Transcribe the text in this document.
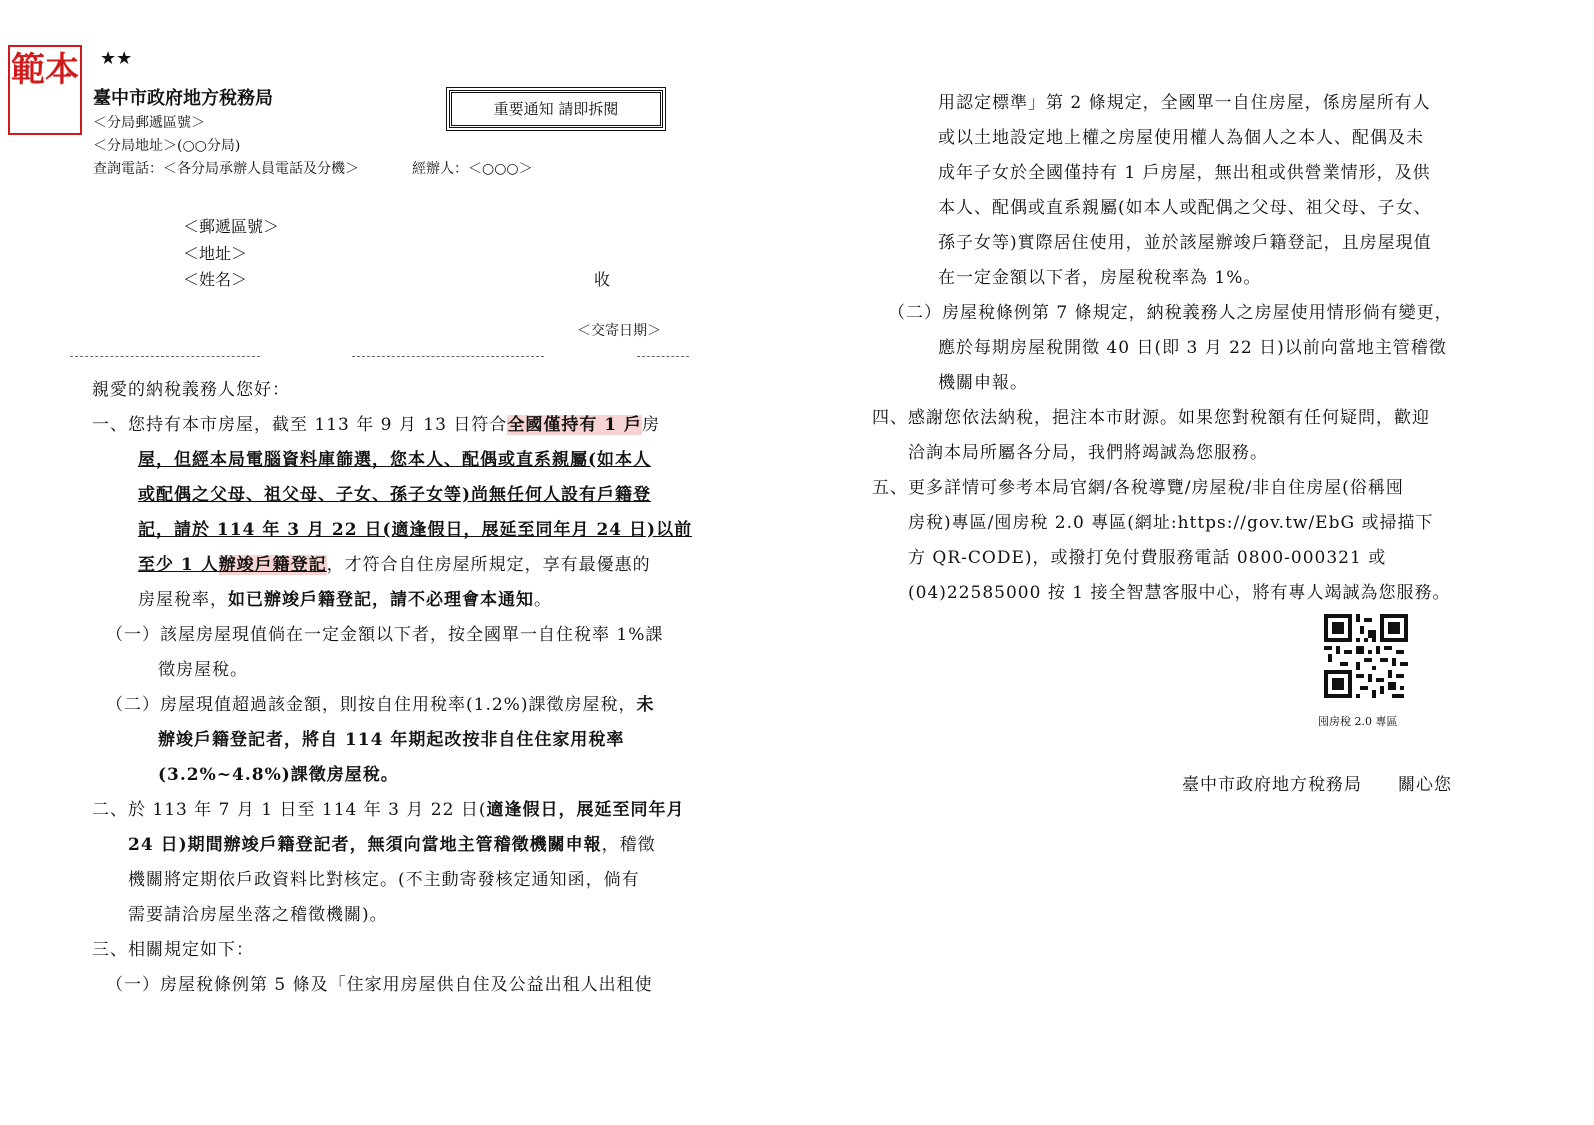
範本 ★★
臺中市政府地方稅務局
＜分局郵遞區號＞
＜分局地址＞(○○分局)
查詢電話：＜各分局承辦人員電話及分機＞	經辦人：＜○○○＞
重要通知 請即拆閱
＜郵遞區號＞
＜地址＞
＜姓名＞	收
＜交寄日期＞
親愛的納稅義務人您好：
一、您持有本市房屋，截至 113 年 9 月 13 日符合全國僅持有 1 戶房
屋，但經本局電腦資料庫篩選，您本人、配偶或直系親屬(如本人
或配偶之父母、祖父母、子女、孫子女等)尚無任何人設有戶籍登
記，請於 114 年 3 月 22 日(適逢假日，展延至同年月 24 日)以前
至少 1 人辦竣戶籍登記，才符合自住房屋所規定，享有最優惠的
房屋稅率，如已辦竣戶籍登記，請不必理會本通知。
（一）該屋房屋現值倘在一定金額以下者，按全國單一自住稅率 1%課
徵房屋稅。
（二）房屋現值超過該金額，則按自住用稅率(1.2%)課徵房屋稅，未
辦竣戶籍登記者，將自 114 年期起改按非自住住家用稅率
(3.2%~4.8%)課徵房屋稅。
二、於 113 年 7 月 1 日至 114 年 3 月 22 日(適逢假日，展延至同年月
24 日)期間辦竣戶籍登記者，無須向當地主管稽徵機關申報，稽徵
機關將定期依戶政資料比對核定。(不主動寄發核定通知函，倘有
需要請洽房屋坐落之稽徵機關)。
三、相關規定如下：
（一）房屋稅條例第 5 條及「住家用房屋供自住及公益出租人出租使
用認定標準」第 2 條規定，全國單一自住房屋，係房屋所有人
或以土地設定地上權之房屋使用權人為個人之本人、配偶及未
成年子女於全國僅持有 1 戶房屋，無出租或供營業情形，及供
本人、配偶或直系親屬(如本人或配偶之父母、祖父母、子女、
孫子女等)實際居住使用，並於該屋辦竣戶籍登記，且房屋現值
在一定金額以下者，房屋稅稅率為 1%。
（二）房屋稅條例第 7 條規定，納稅義務人之房屋使用情形倘有變更，
應於每期房屋稅開徵 40 日(即 3 月 22 日)以前向當地主管稽徵
機關申報。
四、感謝您依法納稅，挹注本市財源。如果您對稅額有任何疑問，歡迎
洽詢本局所屬各分局，我們將竭誠為您服務。
五、更多詳情可參考本局官網/各稅導覽/房屋稅/非自住房屋(俗稱囤
房稅)專區/囤房稅 2.0 專區(網址:https://gov.tw/EbG 或掃描下
方 QR-CODE)，或撥打免付費服務電話 0800-000321 或
(04)22585000 按 1 接全智慧客服中心，將有專人竭誠為您服務。
囤房稅 2.0 專區
臺中市政府地方稅務局　　關心您
